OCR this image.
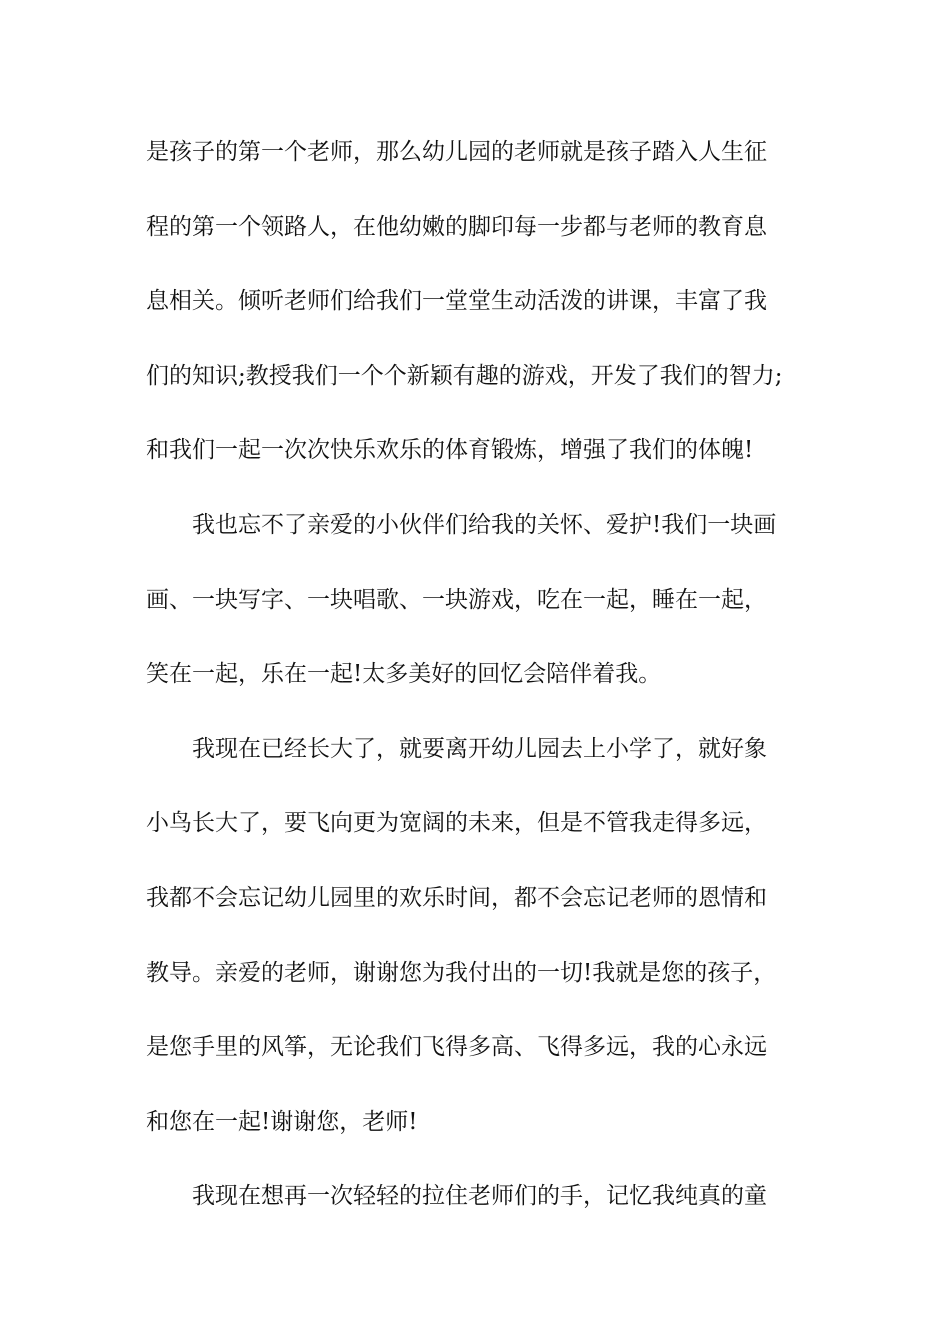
是孩子的第一个老师，那么幼儿园的老师就是孩子踏入人生征
程的第一个领路人，在他幼嫩的脚印每一步都与老师的教育息
息相关。倾听老师们给我们一堂堂生动活泼的讲课，丰富了我
们的知识;教授我们一个个新颖有趣的游戏，开发了我们的智力;
和我们一起一次次快乐欢乐的体育锻炼，增强了我们的体魄!
　　我也忘不了亲爱的小伙伴们给我的关怀、爱护!我们一块画
画、一块写字、一块唱歌、一块游戏，吃在一起，睡在一起，
笑在一起，乐在一起!太多美好的回忆会陪伴着我。
　　我现在已经长大了，就要离开幼儿园去上小学了，就好象
小鸟长大了，要飞向更为宽阔的未来，但是不管我走得多远，
我都不会忘记幼儿园里的欢乐时间，都不会忘记老师的恩情和
教导。亲爱的老师，谢谢您为我付出的一切!我就是您的孩子，
是您手里的风筝，无论我们飞得多高、飞得多远，我的心永远
和您在一起!谢谢您，老师!
　　我现在想再一次轻轻的拉住老师们的手，记忆我纯真的童
